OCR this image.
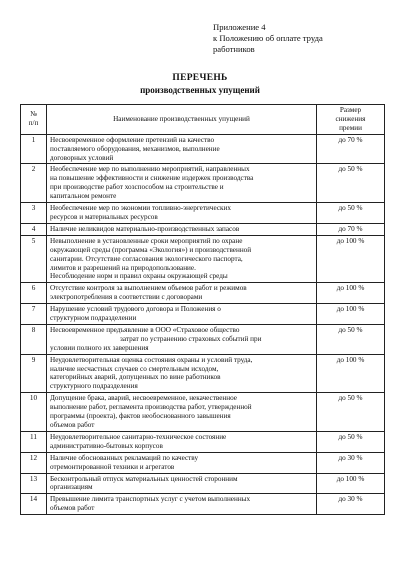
Приложение 4
к Положению об оплате труда
работников
ПЕРЕЧЕНЬ
производственных упущений
№
п/п	Наименование производственных упущений	Размер
снижения
премии

1	Несвоевременное оформление претензий на качество
поставляемого оборудования, механизмов, выполнение
договорных условий	до 70 %
2	Необеспечение мер по выполнению мероприятий, направленных
на повышение эффективности и снижение издержек производства
при производстве работ хозспособом на строительстве и
капитальном ремонте	до 50 %
3	Необеспечение мер по экономии топливно-энергетических
ресурсов и материальных ресурсов	до 50 %
4	Наличие неликвидов материально-производственных запасов	до 70 %
5	Невыполнение в установленные сроки мероприятий по охране
окружающей среды (программа «Экология») и производственной
санитарии. Отсутствие согласования экологического паспорта,
лимитов и разрешений на природопользование.
Несоблюдение норм и правил охраны окружающей среды	до 100 %
6	Отсутствие контроля за выполнением объемов работ и режимов
электропотребления в соответствии с договорами	до 100 %
7	Нарушение условий трудового договора и Положения о
структурном подразделении	до 100 %
8	Несвоевременное предъявление в ООО «Страховое общество
затрат по устранению страховых событий при
условии полного их завершения	до 50 %
9	Неудовлетворительная оценка состояния охраны и условий труда,
наличие несчастных случаев со смертельным исходом,
категорийных аварий, допущенных по вине работников
структурного подразделения	до 100 %
10	Допущение брака, аварий, несвоевременное, некачественное
выполнение работ, регламента производства работ, утвержденной
программы (проекта), фактов необоснованного завышения
объемов работ	до 50 %
11	Неудовлетворительное санитарно-техническое состояние
административно-бытовых корпусов	до 50 %
12	Наличие обоснованных рекламаций по качеству
отремонтированной техники и агрегатов	до 30 %
13	Бесконтрольный отпуск материальных ценностей сторонним
организациям	до 100 %
14	Превышение лимита транспортных услуг с учетом выполненных
объемов работ	до 30 %
